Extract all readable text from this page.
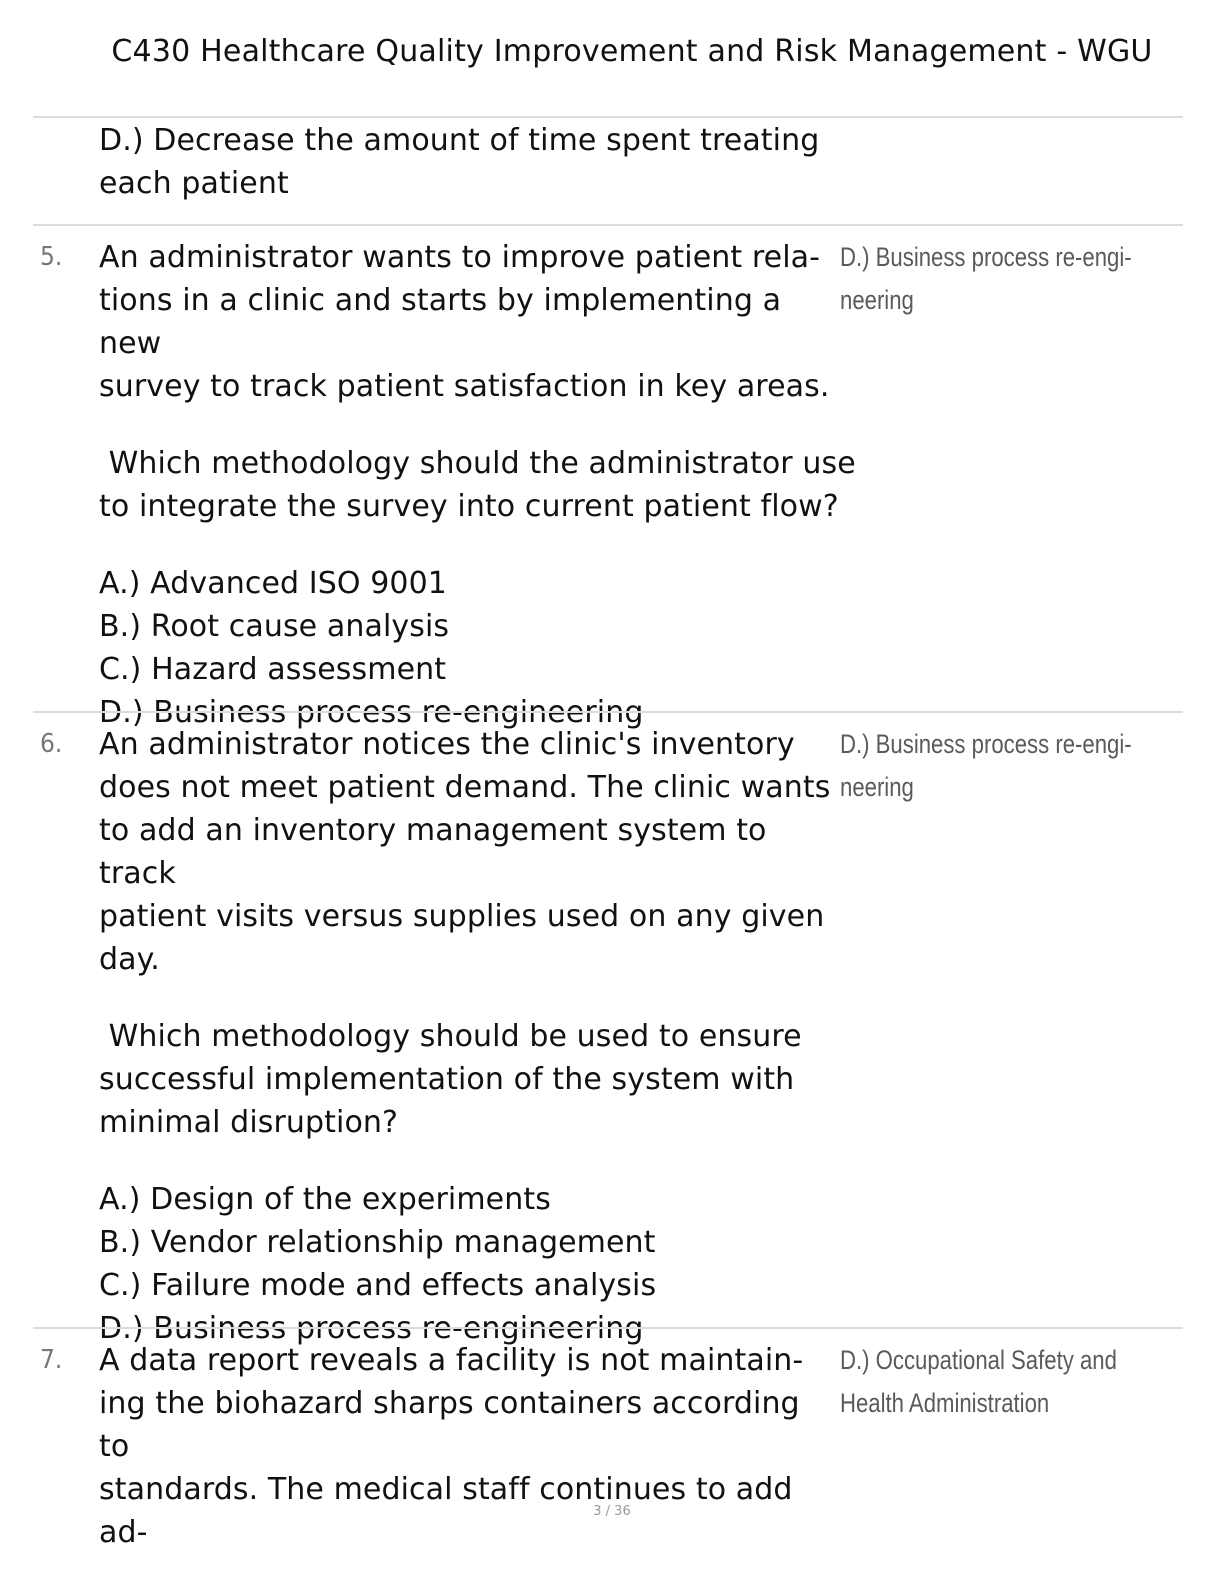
C430 Healthcare Quality Improvement and Risk Management - WGU

D.) Decrease the amount of time spent treating

each patient

5. An administrator wants to improve patient rela-

tions in a clinic and starts by implementing a new

survey to track patient satisfaction in key areas.

Which methodology should the administrator use

to integrate the survey into current patient flow?

A.) Advanced ISO 9001

B.) Root cause analysis

C.) Hazard assessment

D.) Business process re-engineering

D.) Business process re-engi-
neering
6. An administrator notices the clinic's inventory

does not meet patient demand. The clinic wants

to add an inventory management system to track

patient visits versus supplies used on any given

day.

Which methodology should be used to ensure

successful implementation of the system with

minimal disruption?

A.) Design of the experiments

B.) Vendor relationship management

C.) Failure mode and effects analysis

D.) Business process re-engineering

D.) Business process re-engi-
neering
7. A data report reveals a facility is not maintain-

ing the biohazard sharps containers according to

standards. The medical staff continues to add ad-

D.) Occupational Safety and
Health Administration
3 / 36
